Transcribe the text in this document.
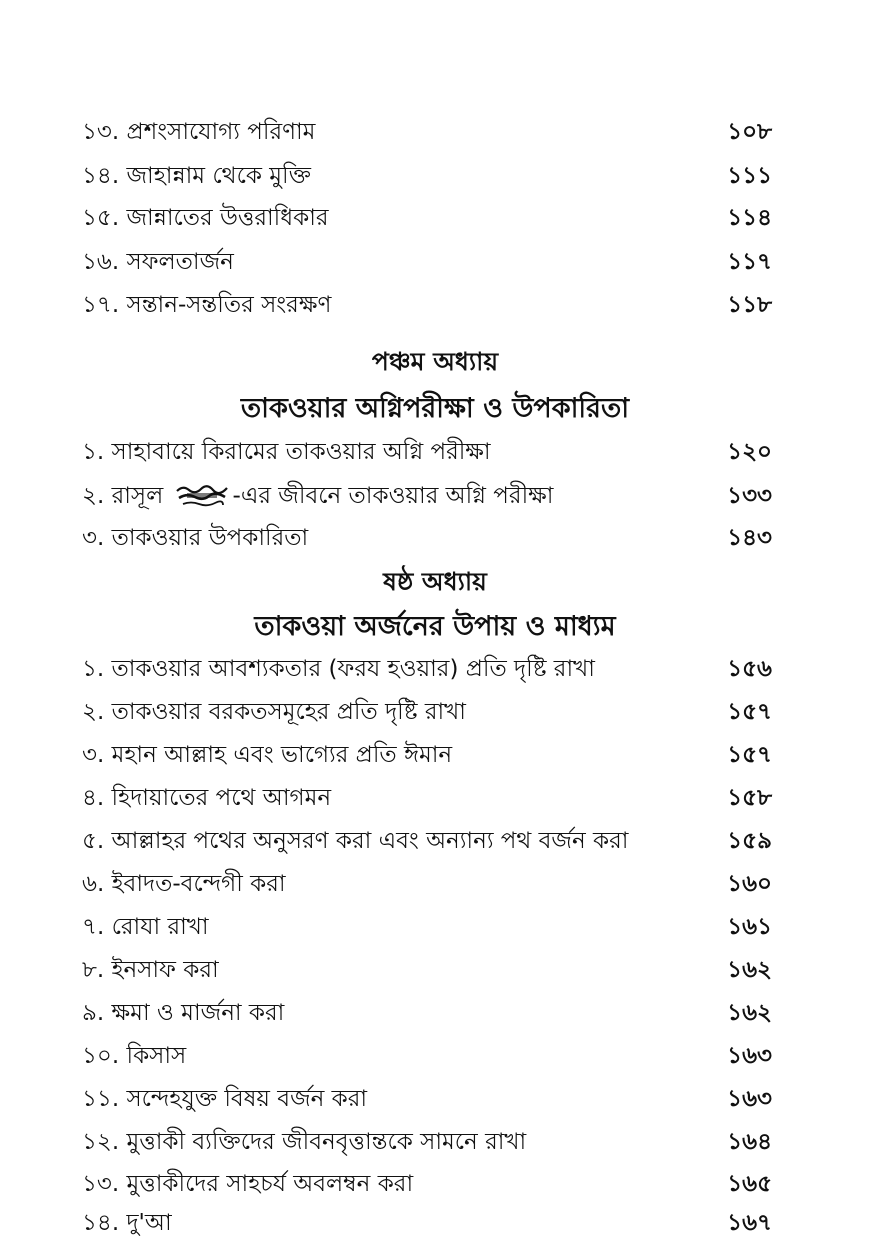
১৩. প্রশংসাযোগ্য পরিণাম	১০৮
১৪. জাহান্নাম থেকে মুক্তি	১১১
১৫. জান্নাতের উত্তরাধিকার	১১৪
১৬. সফলতার্জন	১১৭
১৭. সন্তান-সন্ততির সংরক্ষণ	১১৮
পঞ্চম অধ্যায়
তাকওয়ার অগ্নিপরীক্ষা ও উপকারিতা
১. সাহাবায়ে কিরামের তাকওয়ার অগ্নি পরীক্ষা	১২০
২. রাসূল	-এর জীবনে তাকওয়ার অগ্নি পরীক্ষা	১৩৩
৩. তাকওয়ার উপকারিতা	১৪৩
ষষ্ঠ অধ্যায়
তাকওয়া অর্জনের উপায় ও মাধ্যম
১. তাকওয়ার আবশ্যকতার (ফরয হওয়ার) প্রতি দৃষ্টি রাখা	১৫৬
২. তাকওয়ার বরকতসমূহের প্রতি দৃষ্টি রাখা	১৫৭
৩. মহান আল্লাহ এবং ভাগ্যের প্রতি ঈমান	১৫৭
৪. হিদায়াতের পথে আগমন	১৫৮
৫. আল্লাহর পথের অনুসরণ করা এবং অন্যান্য পথ বর্জন করা	১৫৯
৬. ইবাদত-বন্দেগী করা	১৬০
৭. রোযা রাখা	১৬১
৮. ইনসাফ করা	১৬২
৯. ক্ষমা ও মার্জনা করা	১৬২
১০. কিসাস	১৬৩
১১. সন্দেহযুক্ত বিষয় বর্জন করা	১৬৩
১২. মুত্তাকী ব্যক্তিদের জীবনবৃত্তান্তকে সামনে রাখা	১৬৪
১৩. মুত্তাকীদের সাহচর্য অবলম্বন করা	১৬৫
১৪. দু'আ	১৬৭
